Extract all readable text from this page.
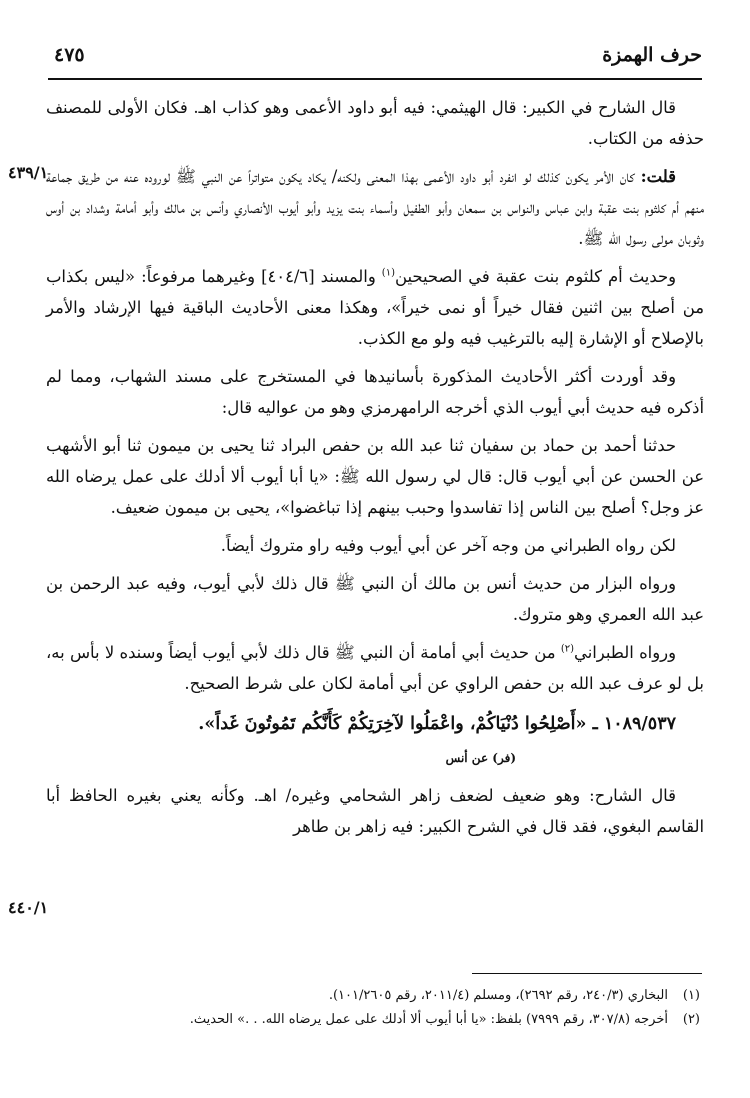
حرف الهمزة
٤٧٥
٤٣٩/١
٤٤٠/١

قال الشارح في الكبير: قال الهيثمي: فيه أبو داود الأعمى وهو كذاب اهـ. فكان الأولى للمصنف حذفه من الكتاب.

قلت: كان الأمر يكون كذلك لو انفرد أبو داود الأعمى بهذا المعنى ولكنه/ يكاد يكون متواتراً عن النبي ﷺ لوروده عنه من طريق جماعة منهم أم كلثوم بنت عقبة وابن عباس والنواس بن سمعان وأبو الطفيل وأسماء بنت يزيد وأبو أيوب الأنصاري وأنس بن مالك وأبو أمامة وشداد بن أوس وثوبان مولى رسول الله ﷺ.

وحديث أم كلثوم بنت عقبة في الصحيحين$^{(١)}$ والمسند [٤٠٤/٦] وغيرهما مرفوعاً: «ليس بكذاب من أصلح بين اثنين فقال خيراً أو نمى خيراً»، وهكذا معنى الأحاديث الباقية فيها الإرشاد والأمر بالإصلاح أو الإشارة إليه بالترغيب فيه ولو مع الكذب.

وقد أوردت أكثر الأحاديث المذكورة بأسانيدها في المستخرج على مسند الشهاب، ومما لم أذكره فيه حديث أبي أيوب الذي أخرجه الرامهرمزي وهو من عواليه قال:

حدثنا أحمد بن حماد بن سفيان ثنا عبد الله بن حفص البراد ثنا يحيى بن ميمون ثنا أبو الأشهب عن الحسن عن أبي أيوب قال: قال لي رسول الله ﷺ: «يا أبا أيوب ألا أدلك على عمل يرضاه الله عز وجل؟ أصلح بين الناس إذا تفاسدوا وحبب بينهم إذا تباغضوا»، يحيى بن ميمون ضعيف.

لكن رواه الطبراني من وجه آخر عن أبي أيوب وفيه راو متروك أيضاً.

ورواه البزار من حديث أنس بن مالك أن النبي ﷺ قال ذلك لأبي أيوب، وفيه عبد الرحمن بن عبد الله العمري وهو متروك.

ورواه الطبراني$^{(٢)}$ من حديث أبي أمامة أن النبي ﷺ قال ذلك لأبي أيوب أيضاً وسنده لا بأس به، بل لو عرف عبد الله بن حفص الراوي عن أبي أمامة لكان على شرط الصحيح.

١٠٨٩/٥٣٧ ـ «أَصْلِحُوا دُنْيَاكُمْ، واعْمَلُوا لآخِرَتِكُمْ كَأَنَّكُم تَمُوتُونَ غَداً».

(فر) عن أنس

قال الشارح: وهو ضعيف لضعف زاهر الشحامي وغيره/ اهـ. وكأنه يعني بغيره الحافظ أبا القاسم البغوي، فقد قال في الشرح الكبير: فيه زاهر بن طاهر

(١)البخاري (٢٤٠/٣، رقم ٢٦٩٢)، ومسلم (٢٠١١/٤، رقم ١٠١/٢٦٠٥).
(٢)أخرجه (٣٠٧/٨، رقم ٧٩٩٩) بلفظ: «يا أبا أيوب ألا أدلك على عمل يرضاه الله. . .» الحديث.
